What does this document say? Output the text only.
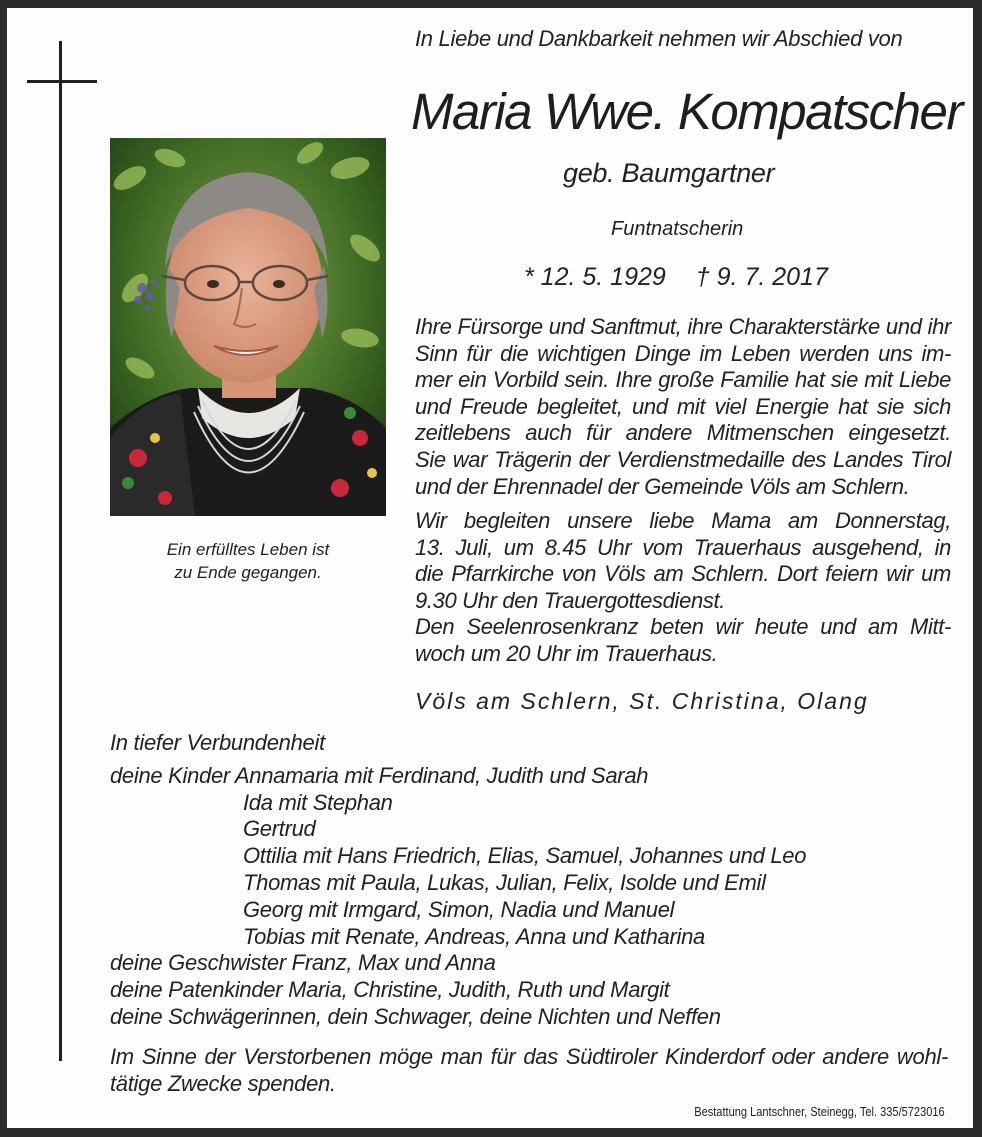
In Liebe und Dankbarkeit nehmen wir Abschied von
Maria Wwe. Kompatscher
geb. Baumgartner
Funtnatscherin
* 12. 5. 1929 † 9. 7. 2017
Ein erfülltes Leben ist
zu Ende gegangen.
Ihre Fürsorge und Sanftmut, ihre Charakterstärke und ihr
Sinn für die wichtigen Dinge im Leben werden uns im-
mer ein Vorbild sein. Ihre große Familie hat sie mit Liebe
und Freude begleitet, und mit viel Energie hat sie sich
zeitlebens auch für andere Mitmenschen eingesetzt.
Sie war Trägerin der Verdienstmedaille des Landes Tirol
und der Ehrennadel der Gemeinde Völs am Schlern.
Wir begleiten unsere liebe Mama am Donnerstag,
13. Juli, um 8.45 Uhr vom Trauerhaus ausgehend, in
die Pfarrkirche von Völs am Schlern. Dort feiern wir um
9.30 Uhr den Trauergottesdienst.
Den Seelenrosenkranz beten wir heute und am Mitt-
woch um 20 Uhr im Trauerhaus.
Völs am Schlern, St. Christina, Olang
In tiefer Verbundenheit
deine Kinder Annamaria mit Ferdinand, Judith und Sarah
Ida mit Stephan
Gertrud
Ottilia mit Hans Friedrich, Elias, Samuel, Johannes und Leo
Thomas mit Paula, Lukas, Julian, Felix, Isolde und Emil
Georg mit Irmgard, Simon, Nadia und Manuel
Tobias mit Renate, Andreas, Anna und Katharina
deine Geschwister Franz, Max und Anna
deine Patenkinder Maria, Christine, Judith, Ruth und Margit
deine Schwägerinnen, dein Schwager, deine Nichten und Neffen
Im Sinne der Verstorbenen möge man für das Südtiroler Kinderdorf oder andere wohl-
tätige Zwecke spenden.
Bestattung Lantschner, Steinegg, Tel. 335/5723016
